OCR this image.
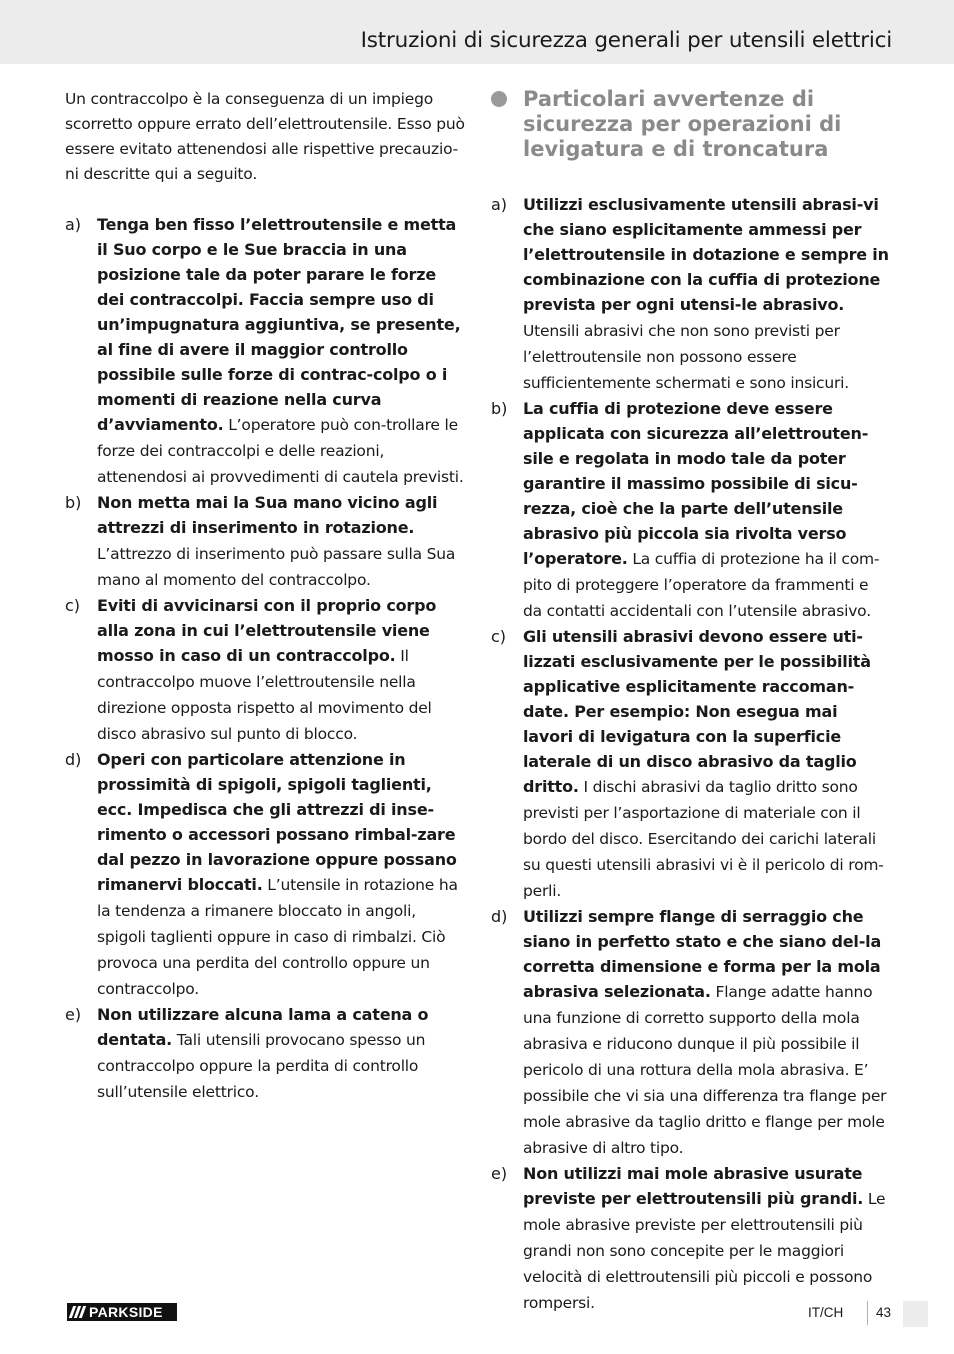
Istruzioni di sicurezza generali per utensili elettrici

Un contraccolpo è la conseguenza di un impiego scorretto oppure errato dell’elettroutensile. Esso può essere evitato attenendosi alle rispettive precauzio-ni descritte qui a seguito.

a) Tenga ben fisso l’elettroutensile e metta il Suo corpo e le Sue braccia in una posizione tale da poter parare le forze dei contraccolpi. Faccia sempre uso di un’impugnatura aggiuntiva, se presente, al fine di avere il maggior controllo possibile sulle forze di contrac-colpo o i momenti di reazione nella curva d’avviamento. L’operatore può con-trollare le forze dei contraccolpi e delle reazioni, attenendosi ai provvedimenti di cautela previsti.
b) Non metta mai la Sua mano vicino agli attrezzi di inserimento in rotazione. L’attrezzo di inserimento può passare sulla Sua mano al momento del contraccolpo.
c)	Eviti di avvicinarsi con il proprio corpo alla zona in cui l’elettroutensile viene mosso in caso di un contraccolpo. Il contraccolpo muove l’elettroutensile nella direzione opposta rispetto al movimento del disco abrasivo sul punto di blocco.
d) Operi con particolare attenzione in prossimità di spigoli, spigoli taglienti, ecc. Impedisca che gli attrezzi di inse-rimento o accessori possano rimbal-zare dal pezzo in lavorazione oppure possano rimanervi bloccati. L’utensile in rotazione ha la tendenza a rimanere bloccato in angoli, spigoli taglienti oppure in caso di rimbalzi. Ciò provoca una perdita del controllo oppure un contraccolpo.
e) Non utilizzare alcuna lama a catena o dentata. Tali utensili provocano spesso un contraccolpo oppure la perdita di controllo sull’utensile elettrico.
Particolari avvertenze di sicurezza per operazioni di levigatura e di troncatura
a) Utilizzi esclusivamente utensili abrasi-vi che siano esplicitamente ammessi per l’elettroutensile in dotazione e sempre in combinazione con la cuffia di protezione prevista per ogni utensi-le abrasivo. Utensili abrasivi che non sono previsti per l’elettroutensile non possono essere sufficientemente schermati e sono insicuri.
b) La cuffia di protezione deve essere applicata con sicurezza all’elettrouten-sile e regolata in modo tale da poter garantire il massimo possibile di sicu-rezza, cioè che la parte dell’utensile abrasivo più piccola sia rivolta verso l’operatore. La cuffia di protezione ha il com-pito di proteggere l’operatore da frammenti e da contatti accidentali con l’utensile abrasivo.
c)	Gli utensili abrasivi devono essere uti-lizzati esclusivamente per le possibilità applicative esplicitamente raccoman-date. Per esempio: Non esegua mai lavori di levigatura con la superficie laterale di un disco abrasivo da taglio dritto. I dischi abrasivi da taglio dritto sono previsti per l’asportazione di materiale con il bordo del disco. Esercitando dei carichi laterali su questi utensili abrasivi vi è il pericolo di rom-perli.
d) Utilizzi sempre flange di serraggio che siano in perfetto stato e che siano del-la corretta dimensione e forma per la mola abrasiva selezionata. Flange adatte hanno una funzione di corretto supporto della mola abrasiva e riducono dunque il più possibile il pericolo di una rottura della mola abrasiva. E’ possibile che vi sia una differenza tra flange per mole abrasive da taglio dritto e flange per mole abrasive di altro tipo.
e) Non utilizzi mai mole abrasive usurate previste per elettroutensili più grandi. Le mole abrasive previste per elettroutensili più grandi non sono concepite per le maggiori velocità di elettroutensili più piccoli e possono rompersi.
PARKSIDE	IT/CH 43
